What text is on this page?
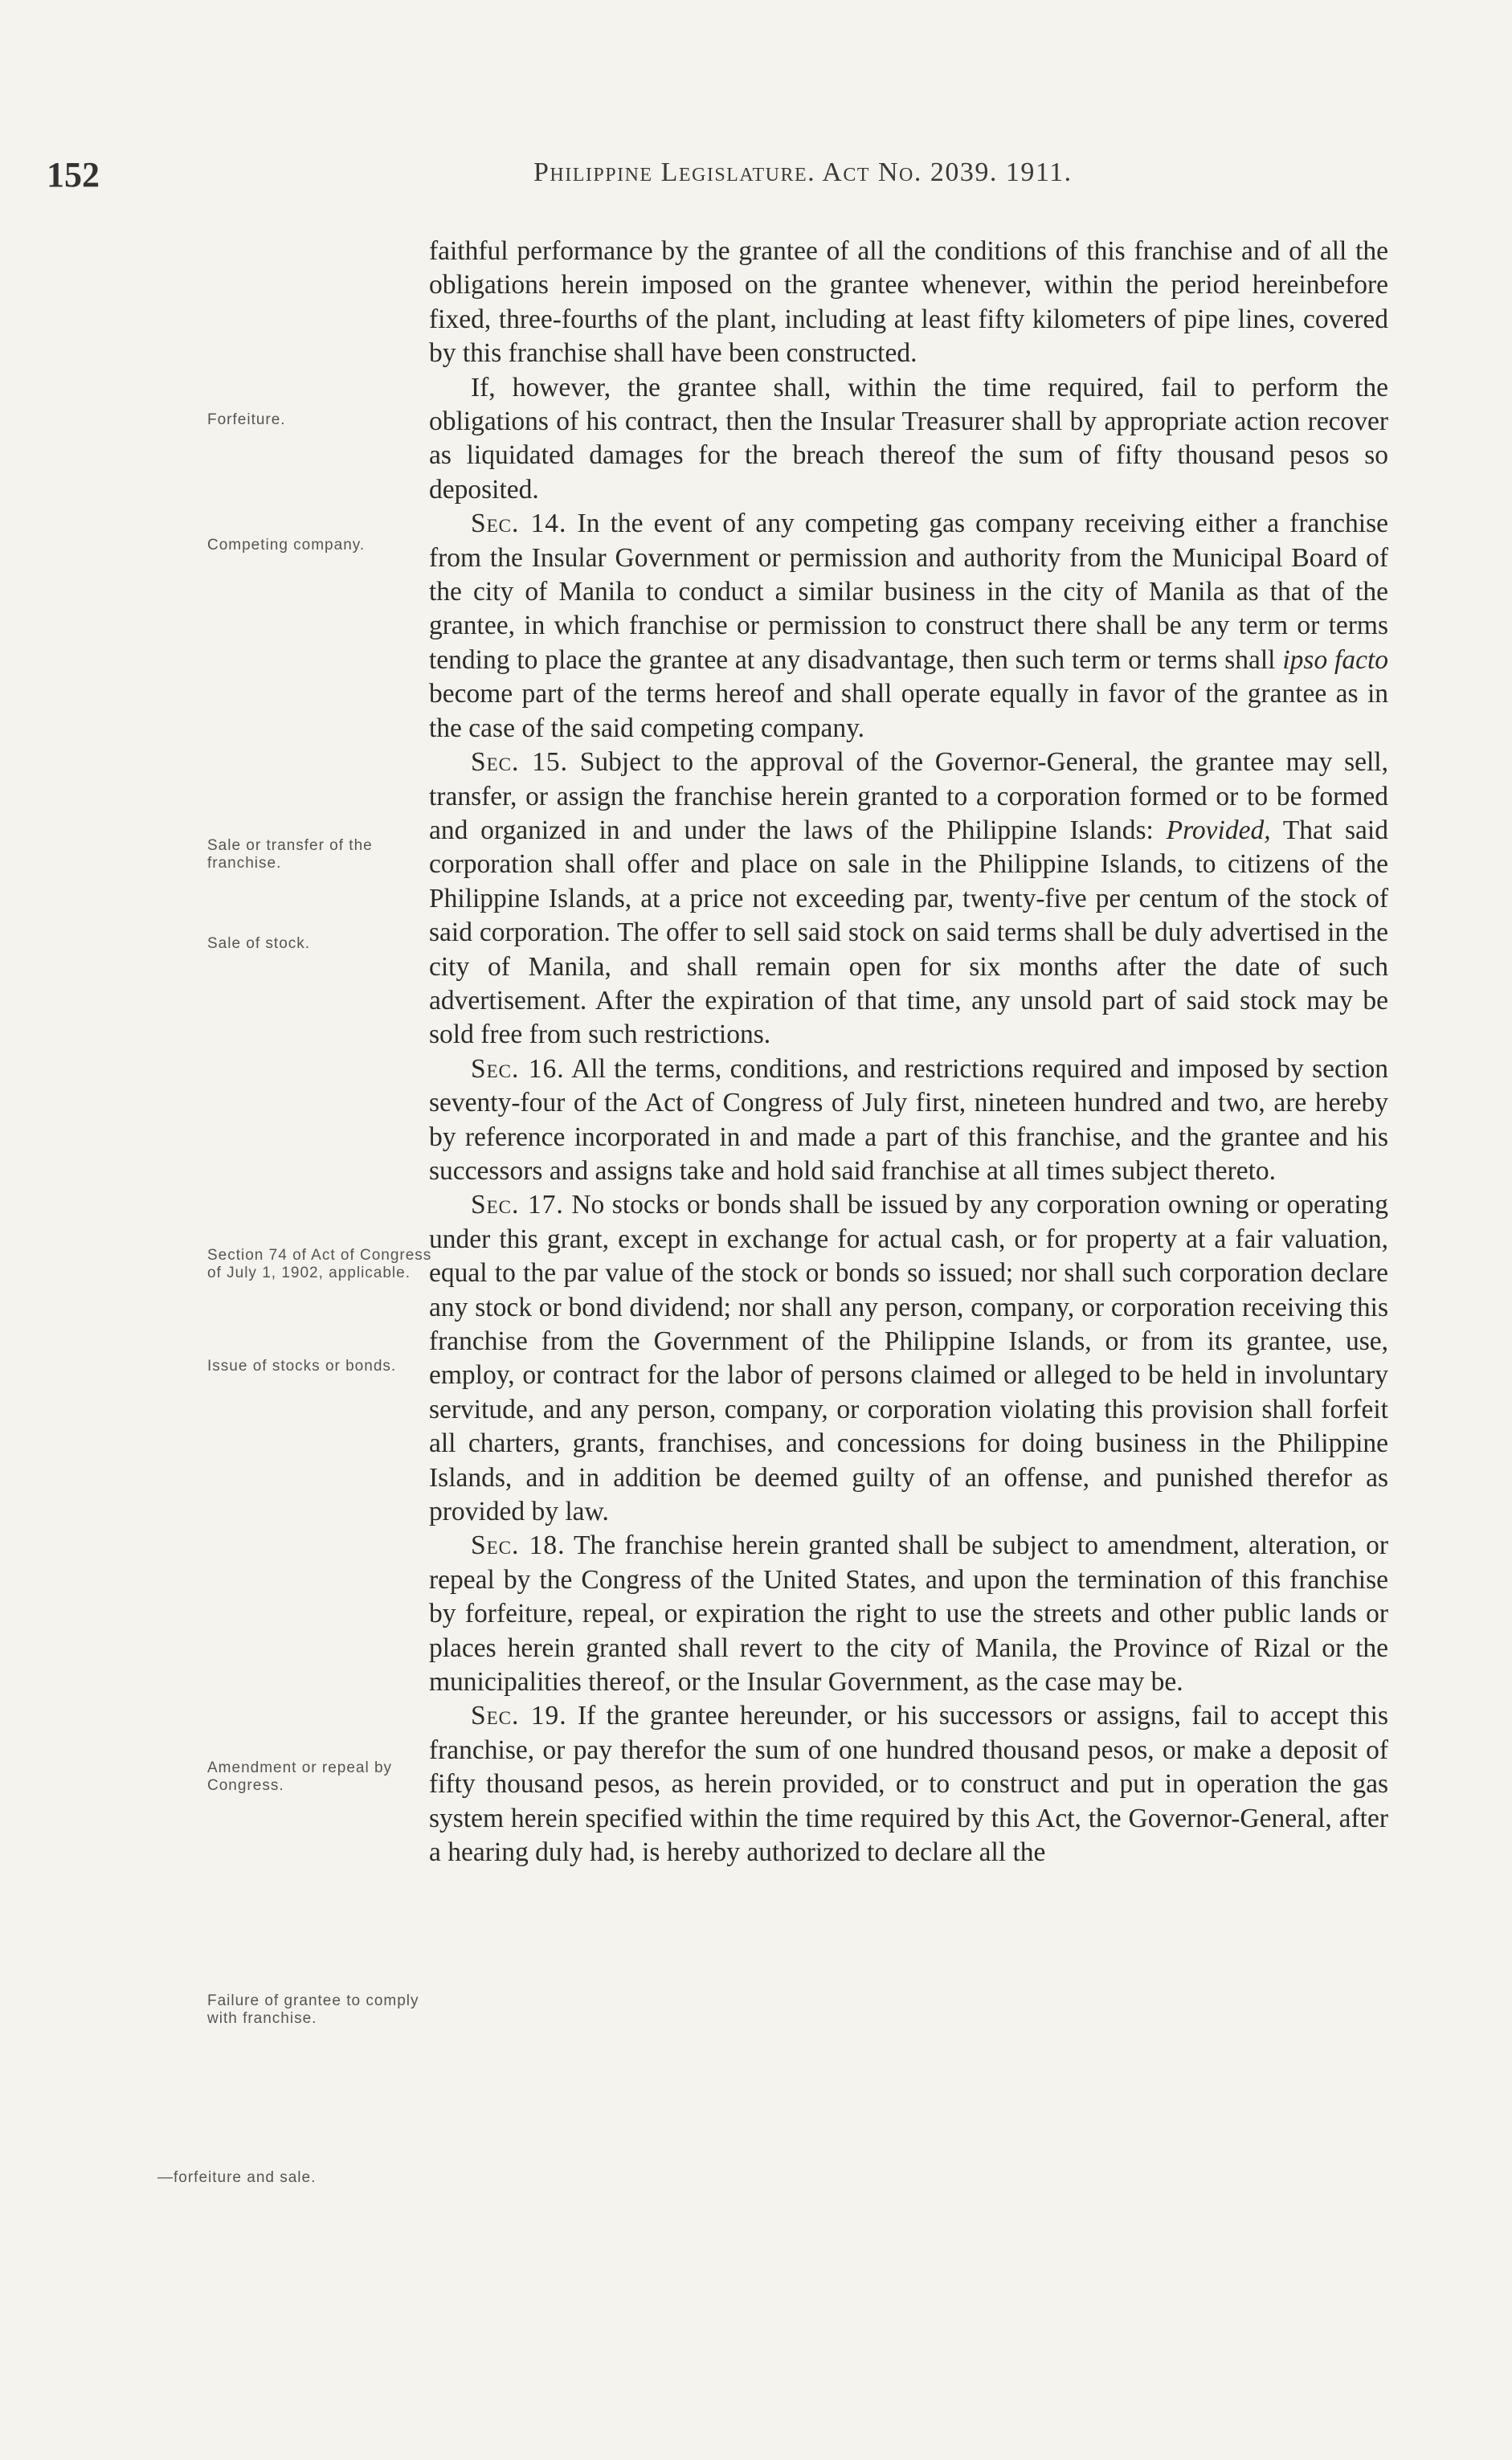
152	Philippine Legislature. Act No. 2039. 1911.
Forfeiture.
Competing company.
Sale or transfer of the franchise.
Sale of stock.
Section 74 of Act of Congress of July 1, 1902, applicable.
Issue of stocks or bonds.
Amendment or repeal by Congress.
Failure of grantee to comply with franchise.
—forfeiture and sale.

faithful performance by the grantee of all the conditions of this franchise and of all the obligations herein imposed on the grantee whenever, within the period hereinbefore fixed, three-fourths of the plant, including at least fifty kilometers of pipe lines, covered by this franchise shall have been constructed.

If, however, the grantee shall, within the time required, fail to perform the obligations of his contract, then the Insular Treasurer shall by appropriate action recover as liquidated damages for the breach thereof the sum of fifty thousand pesos so deposited.

Sec. 14. In the event of any competing gas company receiving either a franchise from the Insular Government or permission and authority from the Municipal Board of the city of Manila to conduct a similar business in the city of Manila as that of the grantee, in which franchise or permission to construct there shall be any term or terms tending to place the grantee at any disadvantage, then such term or terms shall ipso facto become part of the terms hereof and shall operate equally in favor of the grantee as in the case of the said competing company.

Sec. 15. Subject to the approval of the Governor-General, the grantee may sell, transfer, or assign the franchise herein granted to a corporation formed or to be formed and organized in and under the laws of the Philippine Islands: Provided, That said corporation shall offer and place on sale in the Philippine Islands, to citizens of the Philippine Islands, at a price not exceeding par, twenty-five per centum of the stock of said corporation. The offer to sell said stock on said terms shall be duly advertised in the city of Manila, and shall remain open for six months after the date of such advertisement. After the expiration of that time, any unsold part of said stock may be sold free from such restrictions.

Sec. 16. All the terms, conditions, and restrictions required and imposed by section seventy-four of the Act of Congress of July first, nineteen hundred and two, are hereby by reference incorporated in and made a part of this franchise, and the grantee and his successors and assigns take and hold said franchise at all times subject thereto.

Sec. 17. No stocks or bonds shall be issued by any corporation owning or operating under this grant, except in exchange for actual cash, or for property at a fair valuation, equal to the par value of the stock or bonds so issued; nor shall such corporation declare any stock or bond dividend; nor shall any person, company, or corporation receiving this franchise from the Government of the Philippine Islands, or from its grantee, use, employ, or contract for the labor of persons claimed or alleged to be held in involuntary servitude, and any person, company, or corporation violating this provision shall forfeit all charters, grants, franchises, and concessions for doing business in the Philippine Islands, and in addition be deemed guilty of an offense, and punished therefor as provided by law.

Sec. 18. The franchise herein granted shall be subject to amendment, alteration, or repeal by the Congress of the United States, and upon the termination of this franchise by forfeiture, repeal, or expiration the right to use the streets and other public lands or places herein granted shall revert to the city of Manila, the Province of Rizal or the municipalities thereof, or the Insular Government, as the case may be.

Sec. 19. If the grantee hereunder, or his successors or assigns, fail to accept this franchise, or pay therefor the sum of one hundred thousand pesos, or make a deposit of fifty thousand pesos, as herein provided, or to construct and put in operation the gas system herein specified within the time required by this Act, the Governor-General, after a hearing duly had, is hereby authorized to declare all the
